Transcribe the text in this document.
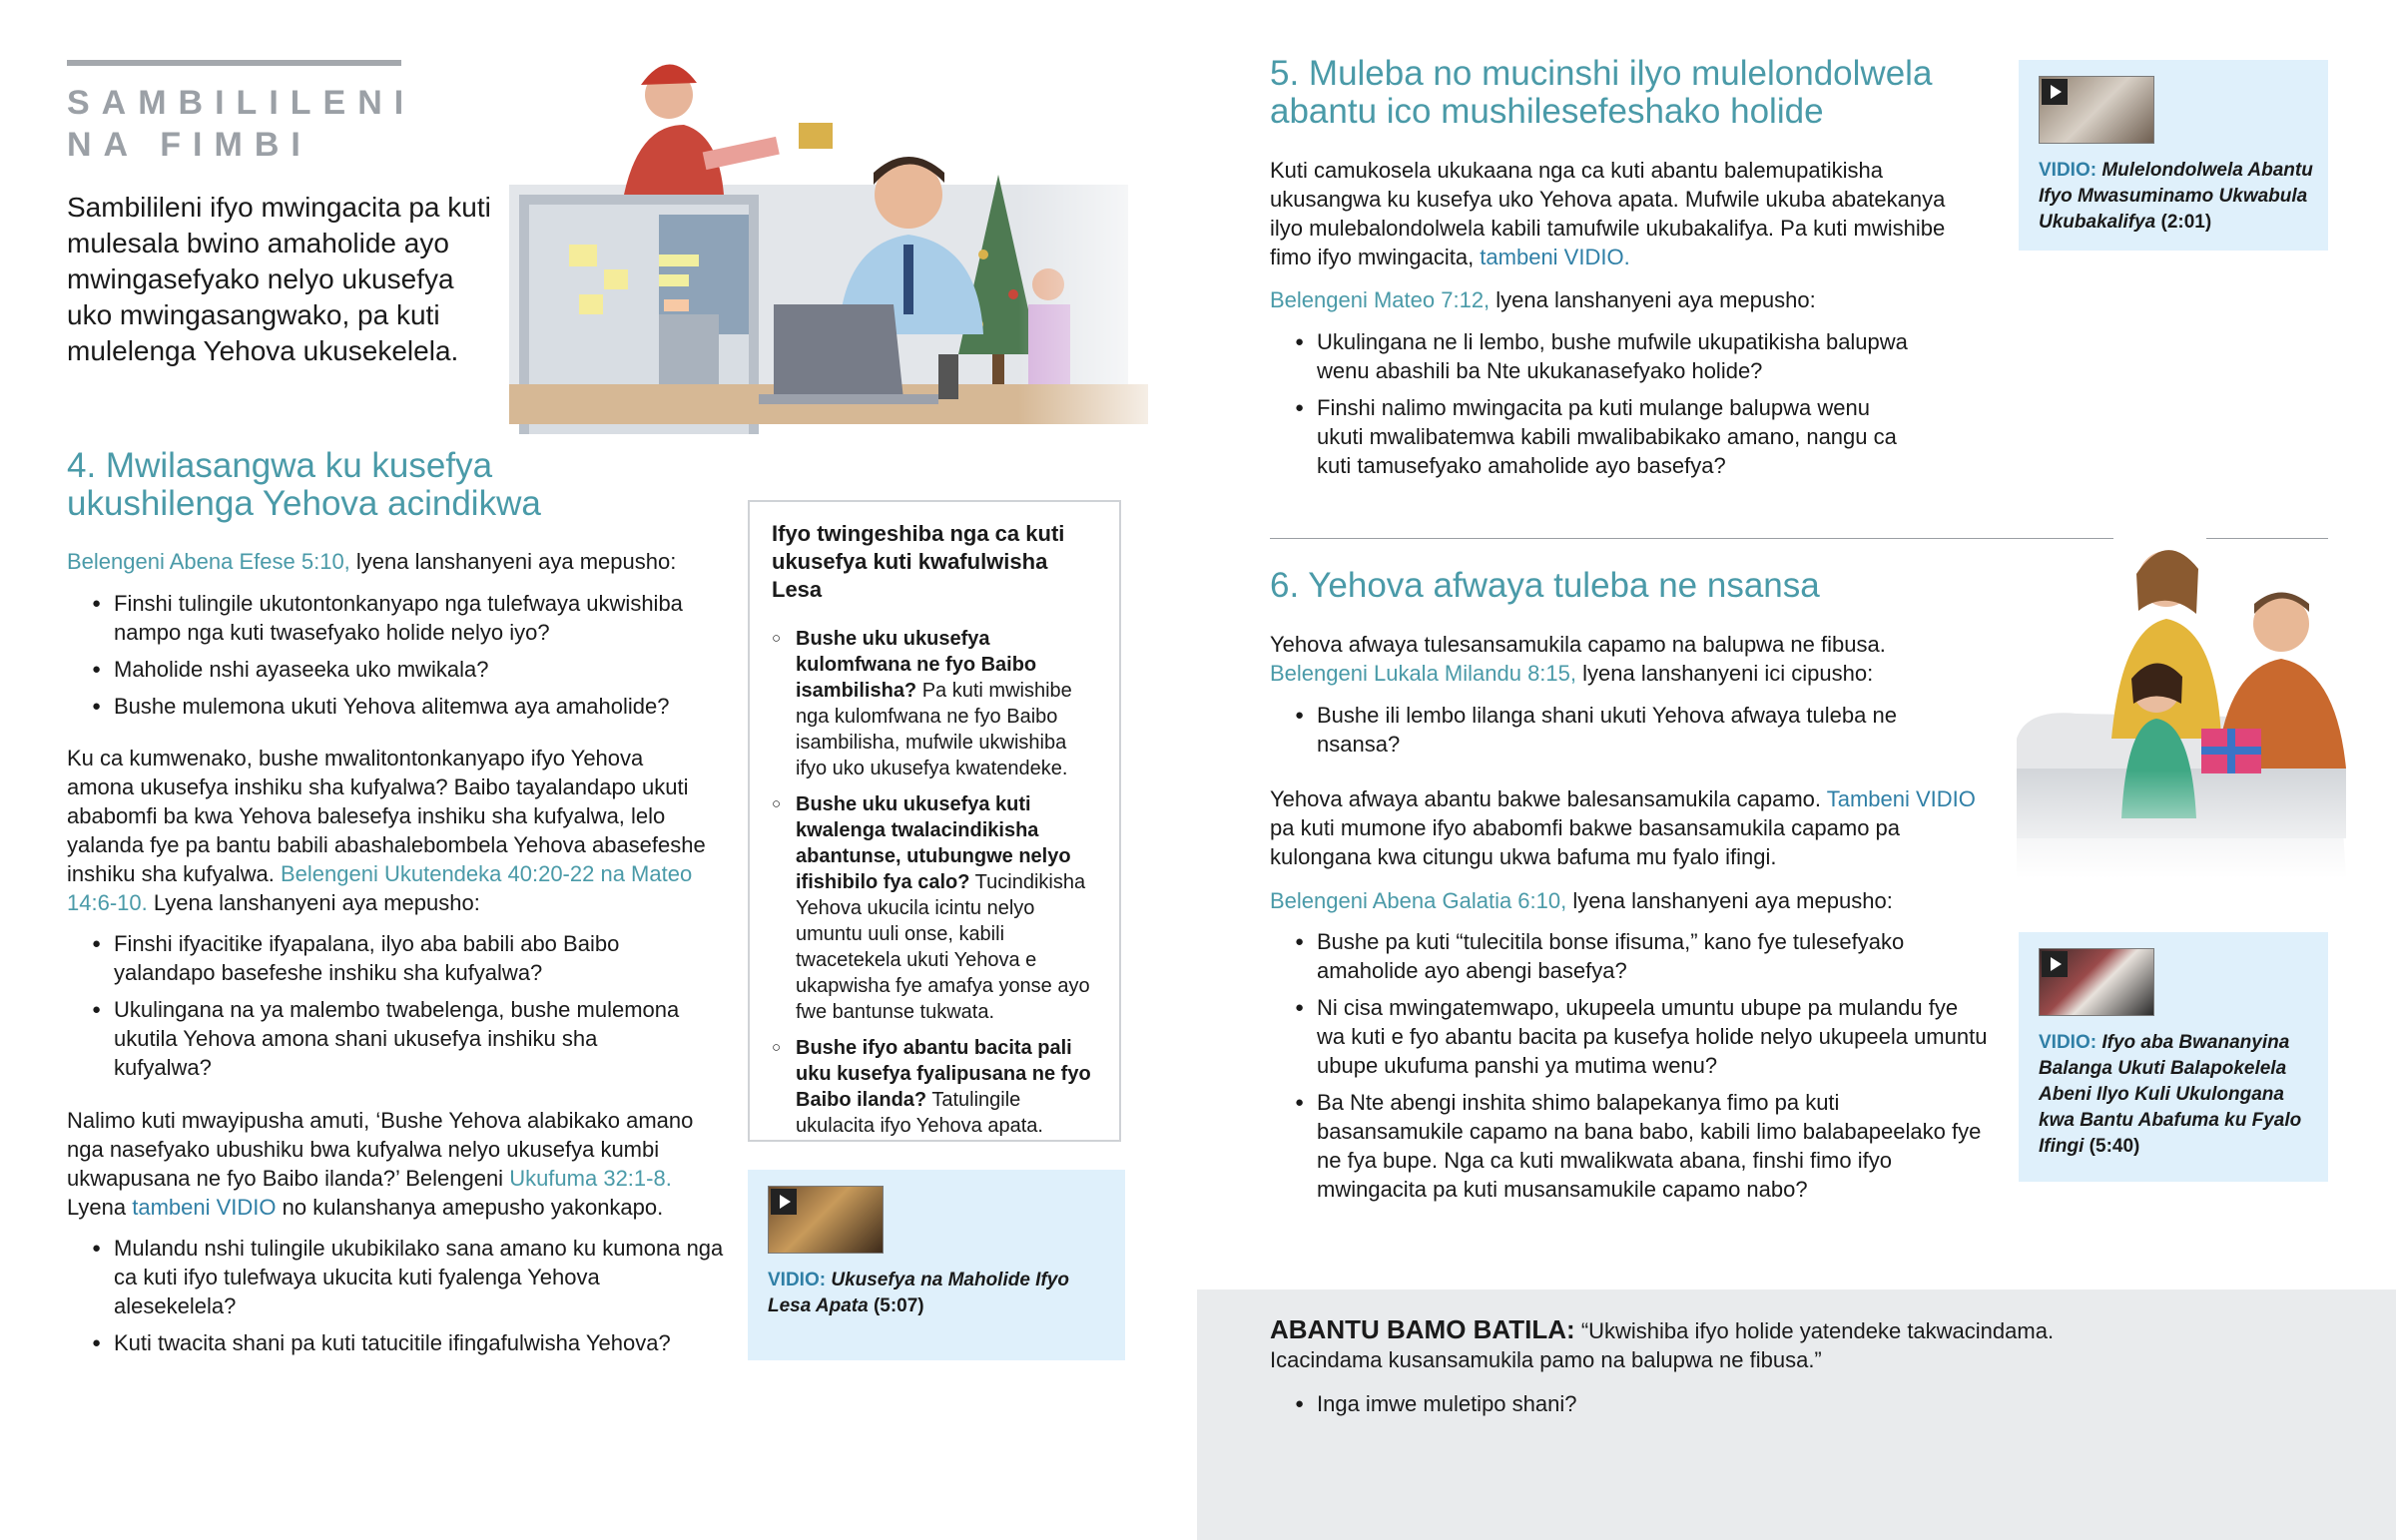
SAMBILILENI
NA FIMBI
Sambilileni ifyo mwingacita pa kuti mulesala bwino amaholide ayo mwingasefyako nelyo ukusefya uko mwingasangwako, pa kuti mulelenga Yehova ukusekelela.
4. Mwilasangwa ku kusefya ukushilenga Yehova acindikwa
Belengeni Abena Efese 5:10, lyena lanshanyeni aya mepusho:
● Finshi tulingile ukutontonkanyapo nga tulefwaya ukwishiba nampo nga kuti twasefyako holide nelyo iyo?
● Maholide nshi ayaseeka uko mwikala?
● Bushe mulemona ukuti Yehova alitemwa aya amaholide?
Ku ca kumwenako, bushe mwalitontonkanyapo ifyo Yehova amona ukusefya inshiku sha kufyalwa? Baibo tayalandapo ukuti ababomfi ba kwa Yehova balesefya inshiku sha kufyalwa, lelo yalanda fye pa bantu babili abashalebombela Yehova abasefeshe inshiku sha kufyalwa. Belengeni Ukutendeka 40:20-22 na Mateo 14:6-10. Lyena lanshanyeni aya mepusho:
● Finshi ifyacitike ifyapalana, ilyo aba babili abo Baibo yalandapo basefeshe inshiku sha kufyalwa?
● Ukulingana na ya malembo twabelenga, bushe mulemona ukutila Yehova amona shani ukusefya inshiku sha kufyalwa?
Nalimo kuti mwayipusha amuti, ‘Bushe Yehova alabikako amano nga nasefyako ubushiku bwa kufyalwa nelyo ukusefya kumbi ukwapusana ne fyo Baibo ilanda?’ Belengeni Ukufuma 32:1-8. Lyena tambeni VIDIO no kulanshanya amepusho yakonkapo.
● Mulandu nshi tulingile ukubikilako sana amano ku kumona nga ca kuti ifyo tulefwaya ukucita kuti fyalenga Yehova alesekelela?
● Kuti twacita shani pa kuti tatucitile ifingafulwisha Yehova?
Ifyo twingeshiba nga ca kuti ukusefya kuti kwafulwisha Lesa
○ Bushe uku ukusefya kulomfwana ne fyo Baibo isambilisha? Pa kuti mwishibe nga kulomfwana ne fyo Baibo isambilisha, mufwile ukwishiba ifyo uko ukusefya kwatendeke.
○ Bushe uku ukusefya kuti kwalenga twalacindikisha abantunse, utubungwe nelyo ifishibilo fya calo? Tucindikisha Yehova ukucila icintu nelyo umuntu uuli onse, kabili twacetekela ukuti Yehova e ukapwisha fye amafya yonse ayo fwe bantunse tukwata.
○ Bushe ifyo abantu bacita pali uku kusefya fyalipusana ne fyo Baibo ilanda? Tatulingile ukulacita ifyo Yehova apata.
VIDIO: Ukusefya na Maholide Ifyo Lesa Apata (5:07)
5. Muleba no mucinshi ilyo mulelondolwela abantu ico mushilesefeshako holide
Kuti camukosela ukukaana nga ca kuti abantu balemupatikisha ukusangwa ku kusefya uko Yehova apata. Mufwile ukuba abatekanya ilyo mulebalondolwela kabili tamufwile ukubakalifya. Pa kuti mwishibe fimo ifyo mwingacita, tambeni VIDIO.
Belengeni Mateo 7:12, lyena lanshanyeni aya mepusho:
● Ukulingana ne li lembo, bushe mufwile ukupatikisha balupwa wenu abashili ba Nte ukukanasefyako holide?
● Finshi nalimo mwingacita pa kuti mulange balupwa wenu ukuti mwalibatemwa kabili mwalibabikako amano, nangu ca kuti tamusefyako amaholide ayo basefya?
VIDIO: Mulelondolwela Abantu Ifyo Mwasuminamo Ukwabula Ukubakalifya (2:01)
6. Yehova afwaya tuleba ne nsansa
Yehova afwaya tulesansamukila capamo na balupwa ne fibusa. Belengeni Lukala Milandu 8:15, lyena lanshanyeni ici cipusho:
● Bushe ili lembo lilanga shani ukuti Yehova afwaya tuleba ne nsansa?
Yehova afwaya abantu bakwe balesansamukila capamo. Tambeni VIDIO pa kuti mumone ifyo ababomfi bakwe basansamukila capamo pa kulongana kwa citungu ukwa bafuma mu fyalo ifingi.
Belengeni Abena Galatia 6:10, lyena lanshanyeni aya mepusho:
● Bushe pa kuti “tulecitila bonse ifisuma,” kano fye tulesefyako amaholide ayo abengi basefya?
● Ni cisa mwingatemwapo, ukupeela umuntu ubupe pa mulandu fye wa kuti e fyo abantu bacita pa kusefya holide nelyo ukupeela umuntu ubupe ukufuma panshi ya mutima wenu?
● Ba Nte abengi inshita shimo balapekanya fimo pa kuti basansamukile capamo na bana babo, kabili limo balabapeelako fye ne fya bupe. Nga ca kuti mwalikwata abana, finshi fimo ifyo mwingacita pa kuti musansamukile capamo nabo?
VIDIO: Ifyo aba Bwananyina Balanga Ukuti Balapokelela Abeni Ilyo Kuli Ukulongana kwa Bantu Abafuma ku Fyalo Ifingi (5:40)
ABANTU BAMO BATILA: “Ukwishiba ifyo holide yatendeke takwacindama. Icacindama kusansamukila pamo na balupwa ne fibusa.”
● Inga imwe muletipo shani?
